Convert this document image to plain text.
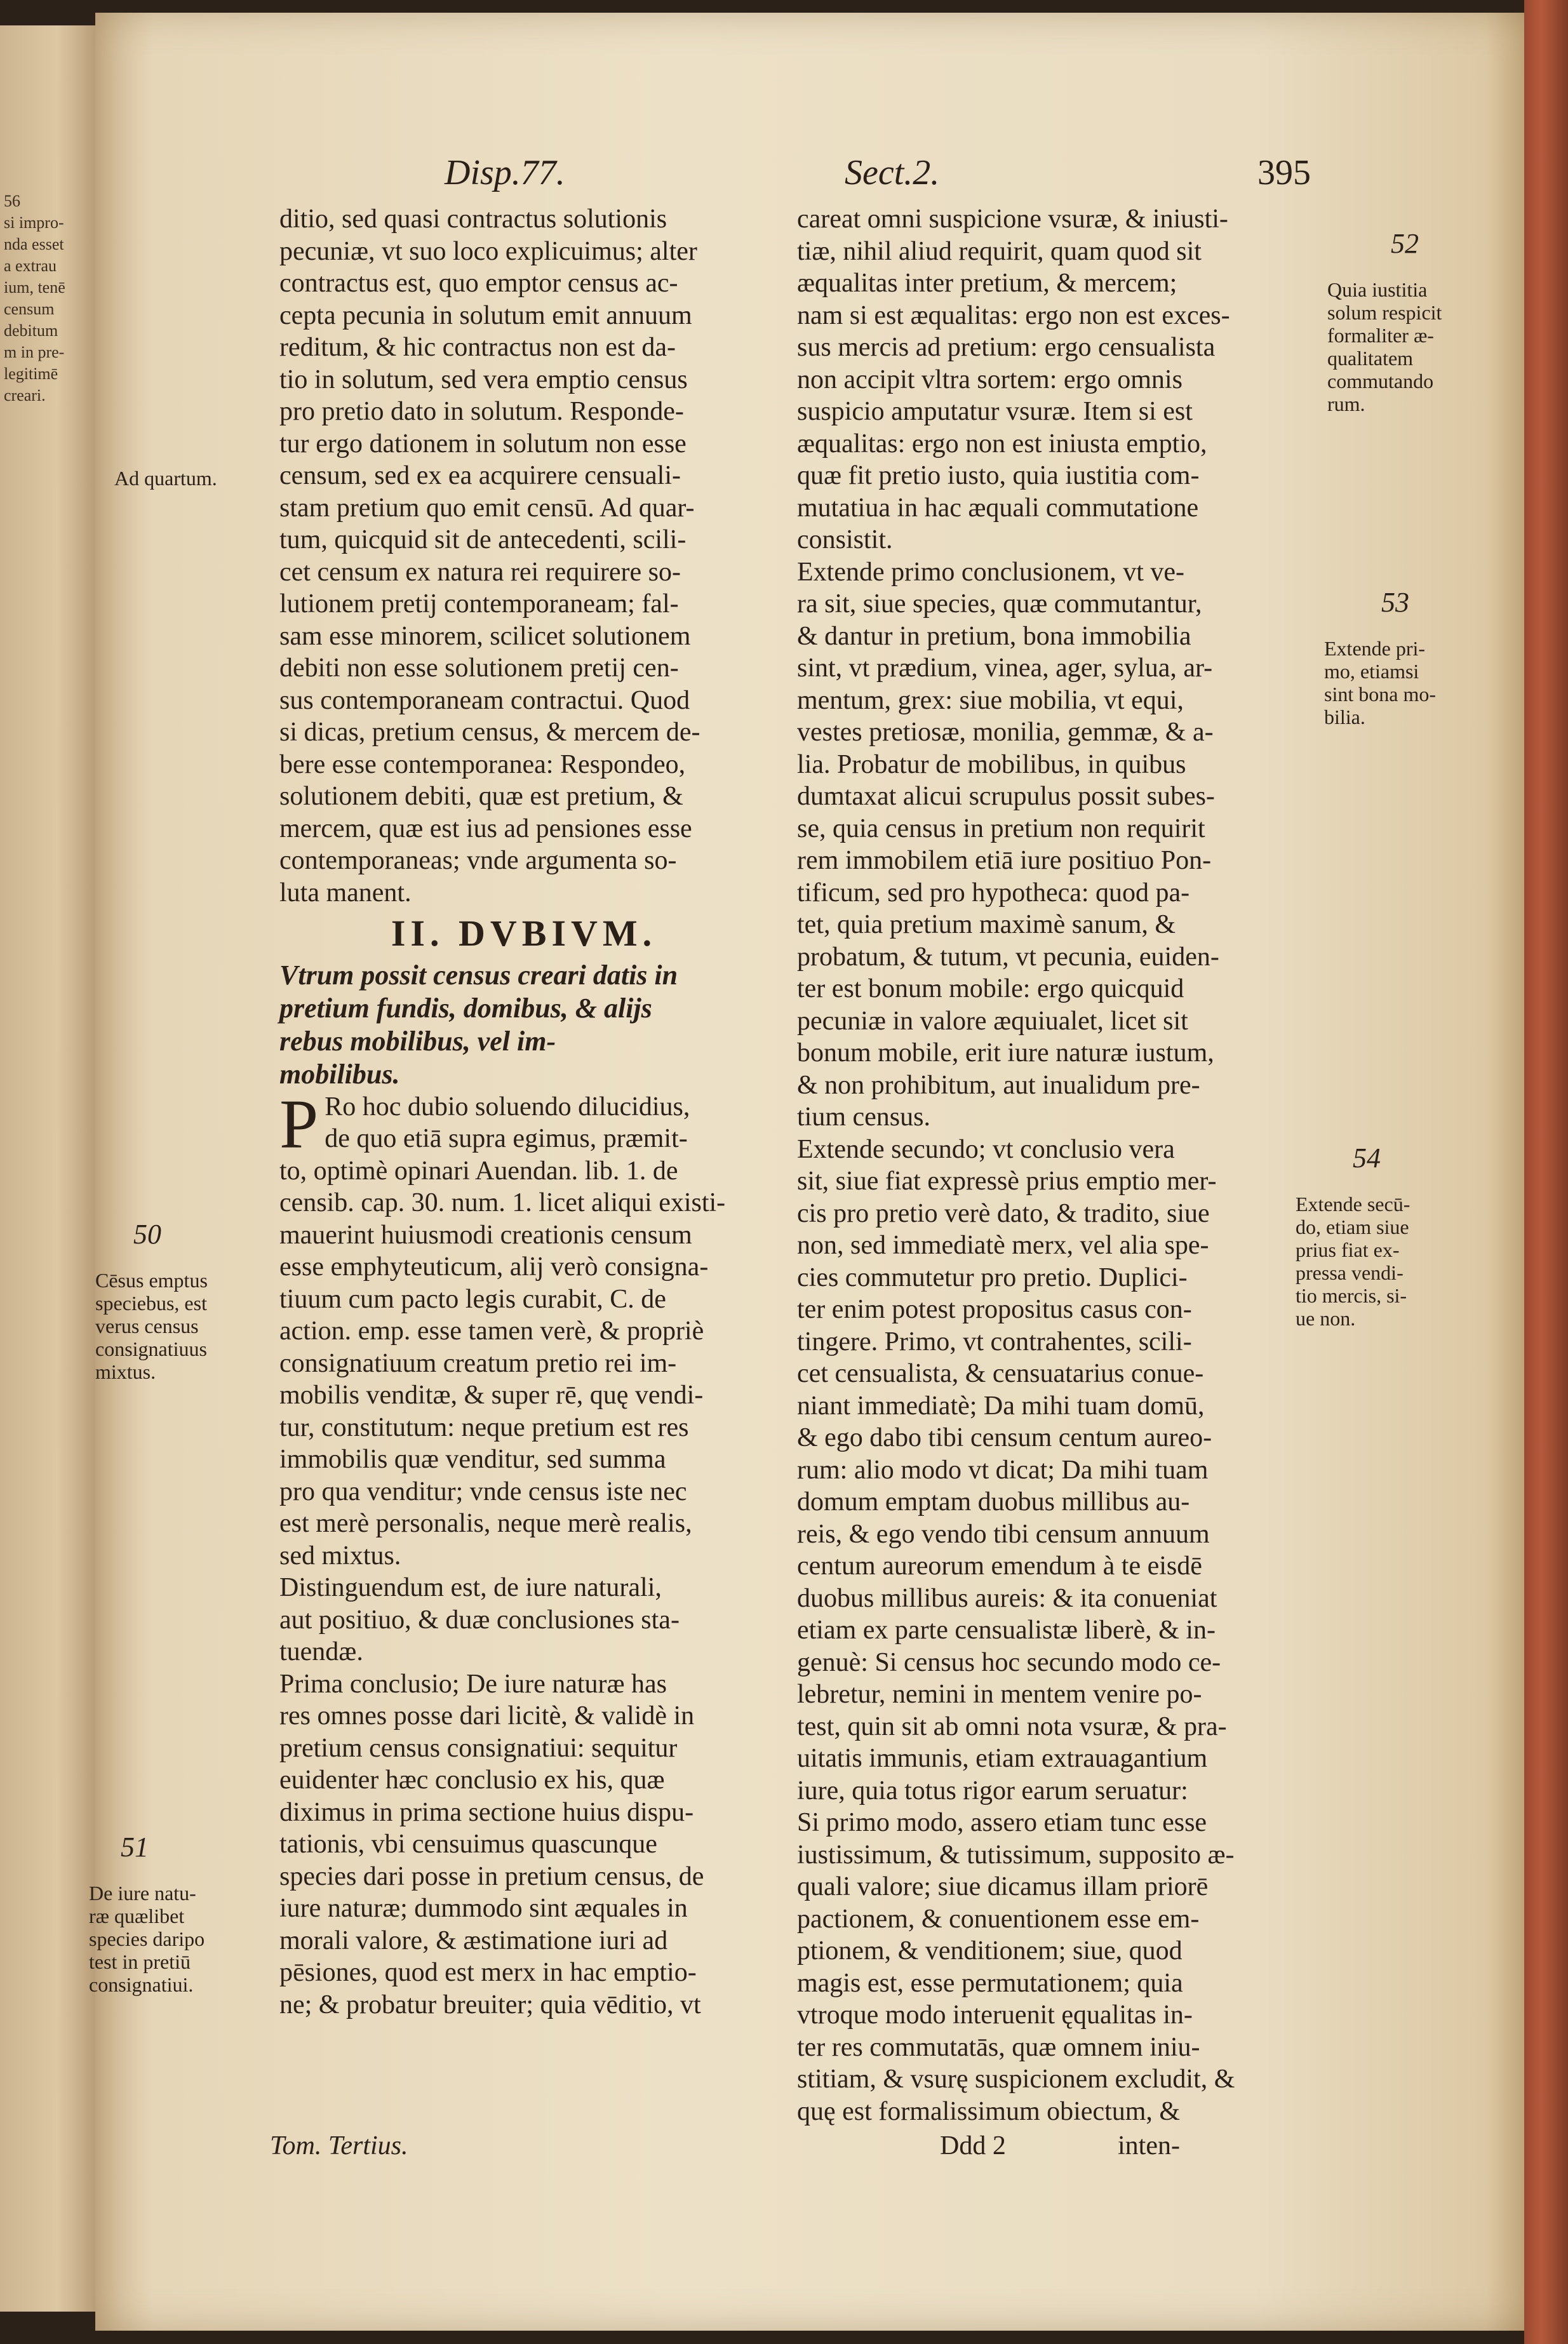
56
si impro-
nda esset
a extrau
ium, tenē
censum
debitum
m in pre-
legitimē
creari.
Disp.77.	Sect.2.	395
ditio, sed quasi contractus solutionis
pecuniæ, vt suo loco explicuimus; alter
contractus est, quo emptor census ac-
cepta pecunia in solutum emit annuum
reditum, & hic contractus non est da-
tio in solutum, sed vera emptio census
pro pretio dato in solutum. Responde-
tur ergo dationem in solutum non esse
censum, sed ex ea acquirere censuali-
stam pretium quo emit censū. Ad quar-
tum, quicquid sit de antecedenti, scili-
cet censum ex natura rei requirere so-
lutionem pretij contemporaneam; fal-
sam esse minorem, scilicet solutionem
debiti non esse solutionem pretij cen-
sus contemporaneam contractui. Quod
si dicas, pretium census, & mercem de-
bere esse contemporanea: Respondeo,
solutionem debiti, quæ est pretium, &
mercem, quæ est ius ad pensiones esse
contemporaneas; vnde argumenta so-
luta manent.
II. DVBIVM.
Vtrum possit census creari datis in
pretium fundis, domibus, & alijs
rebus mobilibus, vel im-
mobilibus.
P Ro hoc dubio soluendo dilucidius,
de quo etiā supra egimus, præmit-
to, optimè opinari Auendan. lib. 1. de
censib. cap. 30. num. 1. licet aliqui existi-
mauerint huiusmodi creationis censum
esse emphyteuticum, alij verò consigna-
tiuum cum pacto legis curabit, C. de
action. emp. esse tamen verè, & propriè
consignatiuum creatum pretio rei im-
mobilis venditæ, & super rē, quę vendi-
tur, constitutum: neque pretium est res
immobilis quæ venditur, sed summa
pro qua venditur; vnde census iste nec
est merè personalis, neque merè realis,
sed mixtus.
Distinguendum est, de iure naturali,
aut positiuo, & duæ conclusiones sta-
tuendæ.
Prima conclusio; De iure naturæ has
res omnes posse dari licitè, & validè in
pretium census consignatiui: sequitur
euidenter hæc conclusio ex his, quæ
diximus in prima sectione huius dispu-
tationis, vbi censuimus quascunque
species dari posse in pretium census, de
iure naturæ; dummodo sint æquales in
morali valore, & æstimatione iuri ad
pēsiones, quod est merx in hac emptio-
ne; & probatur breuiter; quia vēditio, vt
careat omni suspicione vsuræ, & iniusti-
tiæ, nihil aliud requirit, quam quod sit
æqualitas inter pretium, & mercem;
nam si est æqualitas: ergo non est exces-
sus mercis ad pretium: ergo censualista
non accipit vltra sortem: ergo omnis
suspicio amputatur vsuræ. Item si est
æqualitas: ergo non est iniusta emptio,
quæ fit pretio iusto, quia iustitia com-
mutatiua in hac æquali commutatione
consistit.
Extende primo conclusionem, vt ve-
ra sit, siue species, quæ commutantur,
& dantur in pretium, bona immobilia
sint, vt prædium, vinea, ager, sylua, ar-
mentum, grex: siue mobilia, vt equi,
vestes pretiosæ, monilia, gemmæ, & a-
lia. Probatur de mobilibus, in quibus
dumtaxat alicui scrupulus possit subes-
se, quia census in pretium non requirit
rem immobilem etiā iure positiuo Pon-
tificum, sed pro hypotheca: quod pa-
tet, quia pretium maximè sanum, &
probatum, & tutum, vt pecunia, euiden-
ter est bonum mobile: ergo quicquid
pecuniæ in valore æquiualet, licet sit
bonum mobile, erit iure naturæ iustum,
& non prohibitum, aut inualidum pre-
tium census.
Extende secundo; vt conclusio vera
sit, siue fiat expressè prius emptio mer-
cis pro pretio verè dato, & tradito, siue
non, sed immediatè merx, vel alia spe-
cies commutetur pro pretio. Duplici-
ter enim potest propositus casus con-
tingere. Primo, vt contrahentes, scili-
cet censualista, & censuatarius conue-
niant immediatè; Da mihi tuam domū,
& ego dabo tibi censum centum aureo-
rum: alio modo vt dicat; Da mihi tuam
domum emptam duobus millibus au-
reis, & ego vendo tibi censum annuum
centum aureorum emendum à te eisdē
duobus millibus aureis: & ita conueniat
etiam ex parte censualistæ liberè, & in-
genuè: Si census hoc secundo modo ce-
lebretur, nemini in mentem venire po-
test, quin sit ab omni nota vsuræ, & pra-
uitatis immunis, etiam extrauagantium
iure, quia totus rigor earum seruatur:
Si primo modo, assero etiam tunc esse
iustissimum, & tutissimum, supposito æ-
quali valore; siue dicamus illam priorē
pactionem, & conuentionem esse em-
ptionem, & venditionem; siue, quod
magis est, esse permutationem; quia
vtroque modo interuenit ęqualitas in-
ter res commutatās, quæ omnem iniu-
stitiam, & vsurę suspicionem excludit, &
quę est formalissimum obiectum, &
Ad quartum.

50

Cēsus emptus
speciebus, est
verus census
consignatiuus
mixtus.

51

De iure natu-
ræ quælibet
species daripo
test in pretiū
consignatiui.

52

Quia iustitia
solum respicit
formaliter æ-
qualitatem
commutando
rum.

53

Extende pri-
mo, etiamsi
sint bona mo-
bilia.

54

Extende secū-
do, etiam siue
prius fiat ex-
pressa vendi-
tio mercis, si-
ue non.

Tom. Tertius.	Ddd 2	inten-
